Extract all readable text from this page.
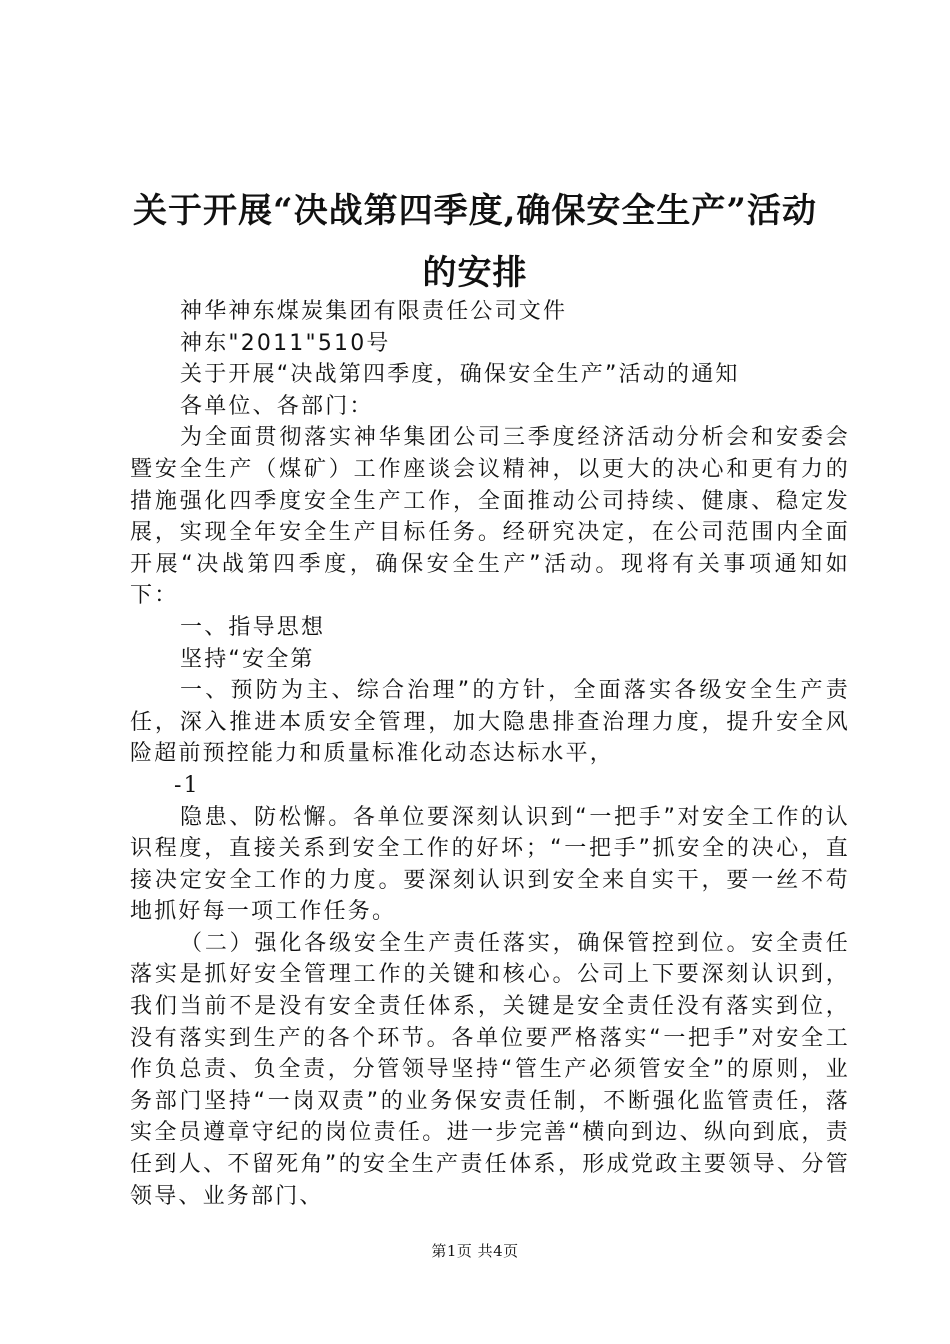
关于开展“决战第四季度,确保安全生产”活动的安排

神华神东煤炭集团有限责任公司文件

神东"2011"510号

关于开展“决战第四季度，确保安全生产”活动的通知

各单位、各部门：

为全面贯彻落实神华集团公司三季度经济活动分析会和安委会暨安全生产（煤矿）工作座谈会议精神，以更大的决心和更有力的措施强化四季度安全生产工作，全面推动公司持续、健康、稳定发展，实现全年安全生产目标任务。经研究决定，在公司范围内全面开展“决战第四季度，确保安全生产”活动。现将有关事项通知如下：

一、指导思想

坚持“安全第

一、预防为主、综合治理”的方针，全面落实各级安全生产责任，深入推进本质安全管理，加大隐患排查治理力度，提升安全风险超前预控能力和质量标准化动态达标水平，

-1

隐患、防松懈。各单位要深刻认识到“一把手”对安全工作的认识程度，直接关系到安全工作的好坏；“一把手”抓安全的决心，直接决定安全工作的力度。要深刻认识到安全来自实干，要一丝不苟地抓好每一项工作任务。

（二）强化各级安全生产责任落实，确保管控到位。安全责任落实是抓好安全管理工作的关键和核心。公司上下要深刻认识到，我们当前不是没有安全责任体系，关键是安全责任没有落实到位，没有落实到生产的各个环节。各单位要严格落实“一把手”对安全工作负总责、负全责，分管领导坚持“管生产必须管安全”的原则，业务部门坚持“一岗双责”的业务保安责任制，不断强化监管责任，落实全员遵章守纪的岗位责任。进一步完善“横向到边、纵向到底，责任到人、不留死角”的安全生产责任体系，形成党政主要领导、分管领导、业务部门、

第1页 共4页
